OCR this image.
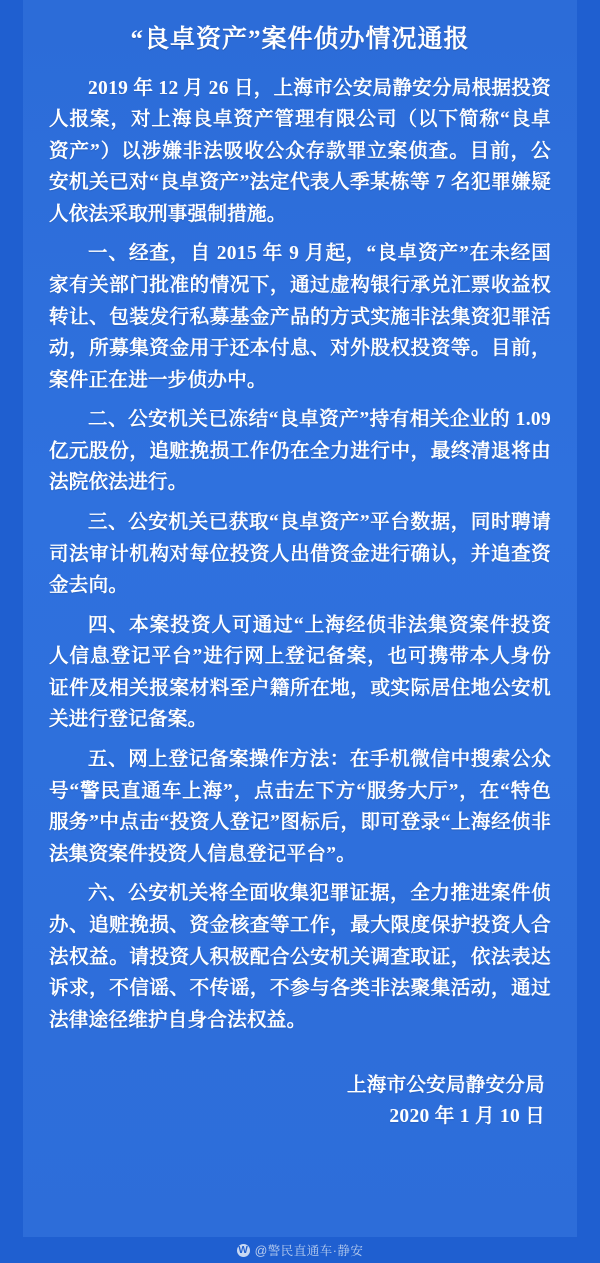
“良卓资产”案件侦办情况通报

2019 年 12 月 26 日，上海市公安局静安分局根据投资人报案，对上海良卓资产管理有限公司（以下简称“良卓资产”）以涉嫌非法吸收公众存款罪立案侦查。目前，公安机关已对“良卓资产”法定代表人季某栋等 7 名犯罪嫌疑人依法采取刑事强制措施。

一、经查，自 2015 年 9 月起，“良卓资产”在未经国家有关部门批准的情况下，通过虚构银行承兑汇票收益权转让、包装发行私募基金产品的方式实施非法集资犯罪活动，所募集资金用于还本付息、对外股权投资等。目前，案件正在进一步侦办中。

二、公安机关已冻结“良卓资产”持有相关企业的 1.09 亿元股份，追赃挽损工作仍在全力进行中，最终清退将由法院依法进行。

三、公安机关已获取“良卓资产”平台数据，同时聘请司法审计机构对每位投资人出借资金进行确认，并追查资金去向。

四、本案投资人可通过“上海经侦非法集资案件投资人信息登记平台”进行网上登记备案，也可携带本人身份证件及相关报案材料至户籍所在地，或实际居住地公安机关进行登记备案。

五、网上登记备案操作方法：在手机微信中搜索公众号“警民直通车上海”，点击左下方“服务大厅”，在“特色服务”中点击“投资人登记”图标后，即可登录“上海经侦非法集资案件投资人信息登记平台”。

六、公安机关将全面收集犯罪证据，全力推进案件侦办、追赃挽损、资金核查等工作，最大限度保护投资人合法权益。请投资人积极配合公安机关调查取证，依法表达诉求，不信谣、不传谣，不参与各类非法聚集活动，通过法律途径维护自身合法权益。

上海市公安局静安分局
2020 年 1 月 10 日
W @警民直通车·静安
